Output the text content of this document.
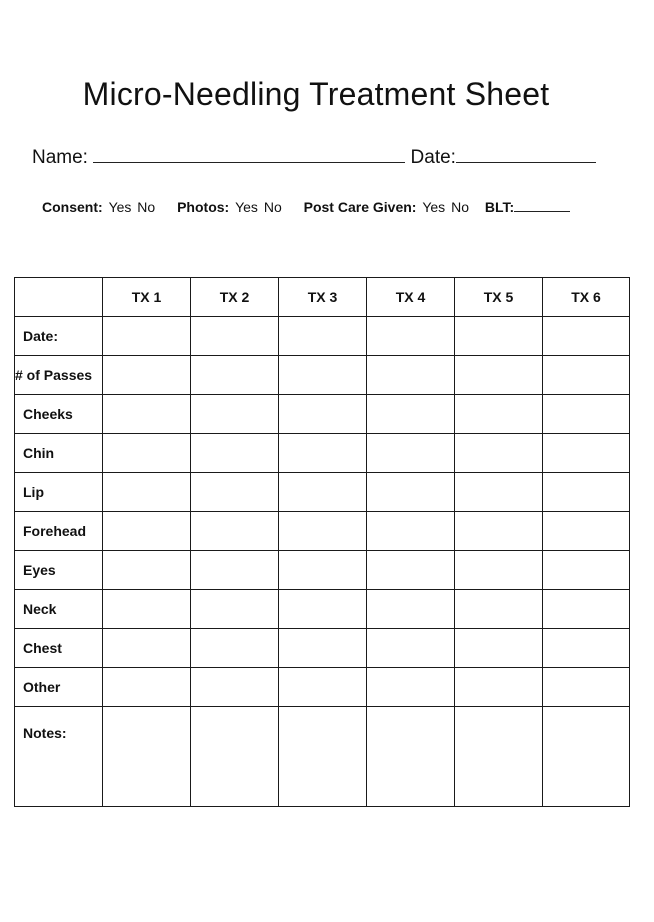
Micro-Needling Treatment Sheet
Name:	Date:
Consent: Yes No Photos: Yes No Post Care Given: Yes No BLT:
	TX 1	TX 2	TX 3	TX 4	TX 5	TX 6
Date:						
# of Passes						
Cheeks						
Chin						
Lip						
Forehead						
Eyes						
Neck						
Chest						
Other						
Notes:						
